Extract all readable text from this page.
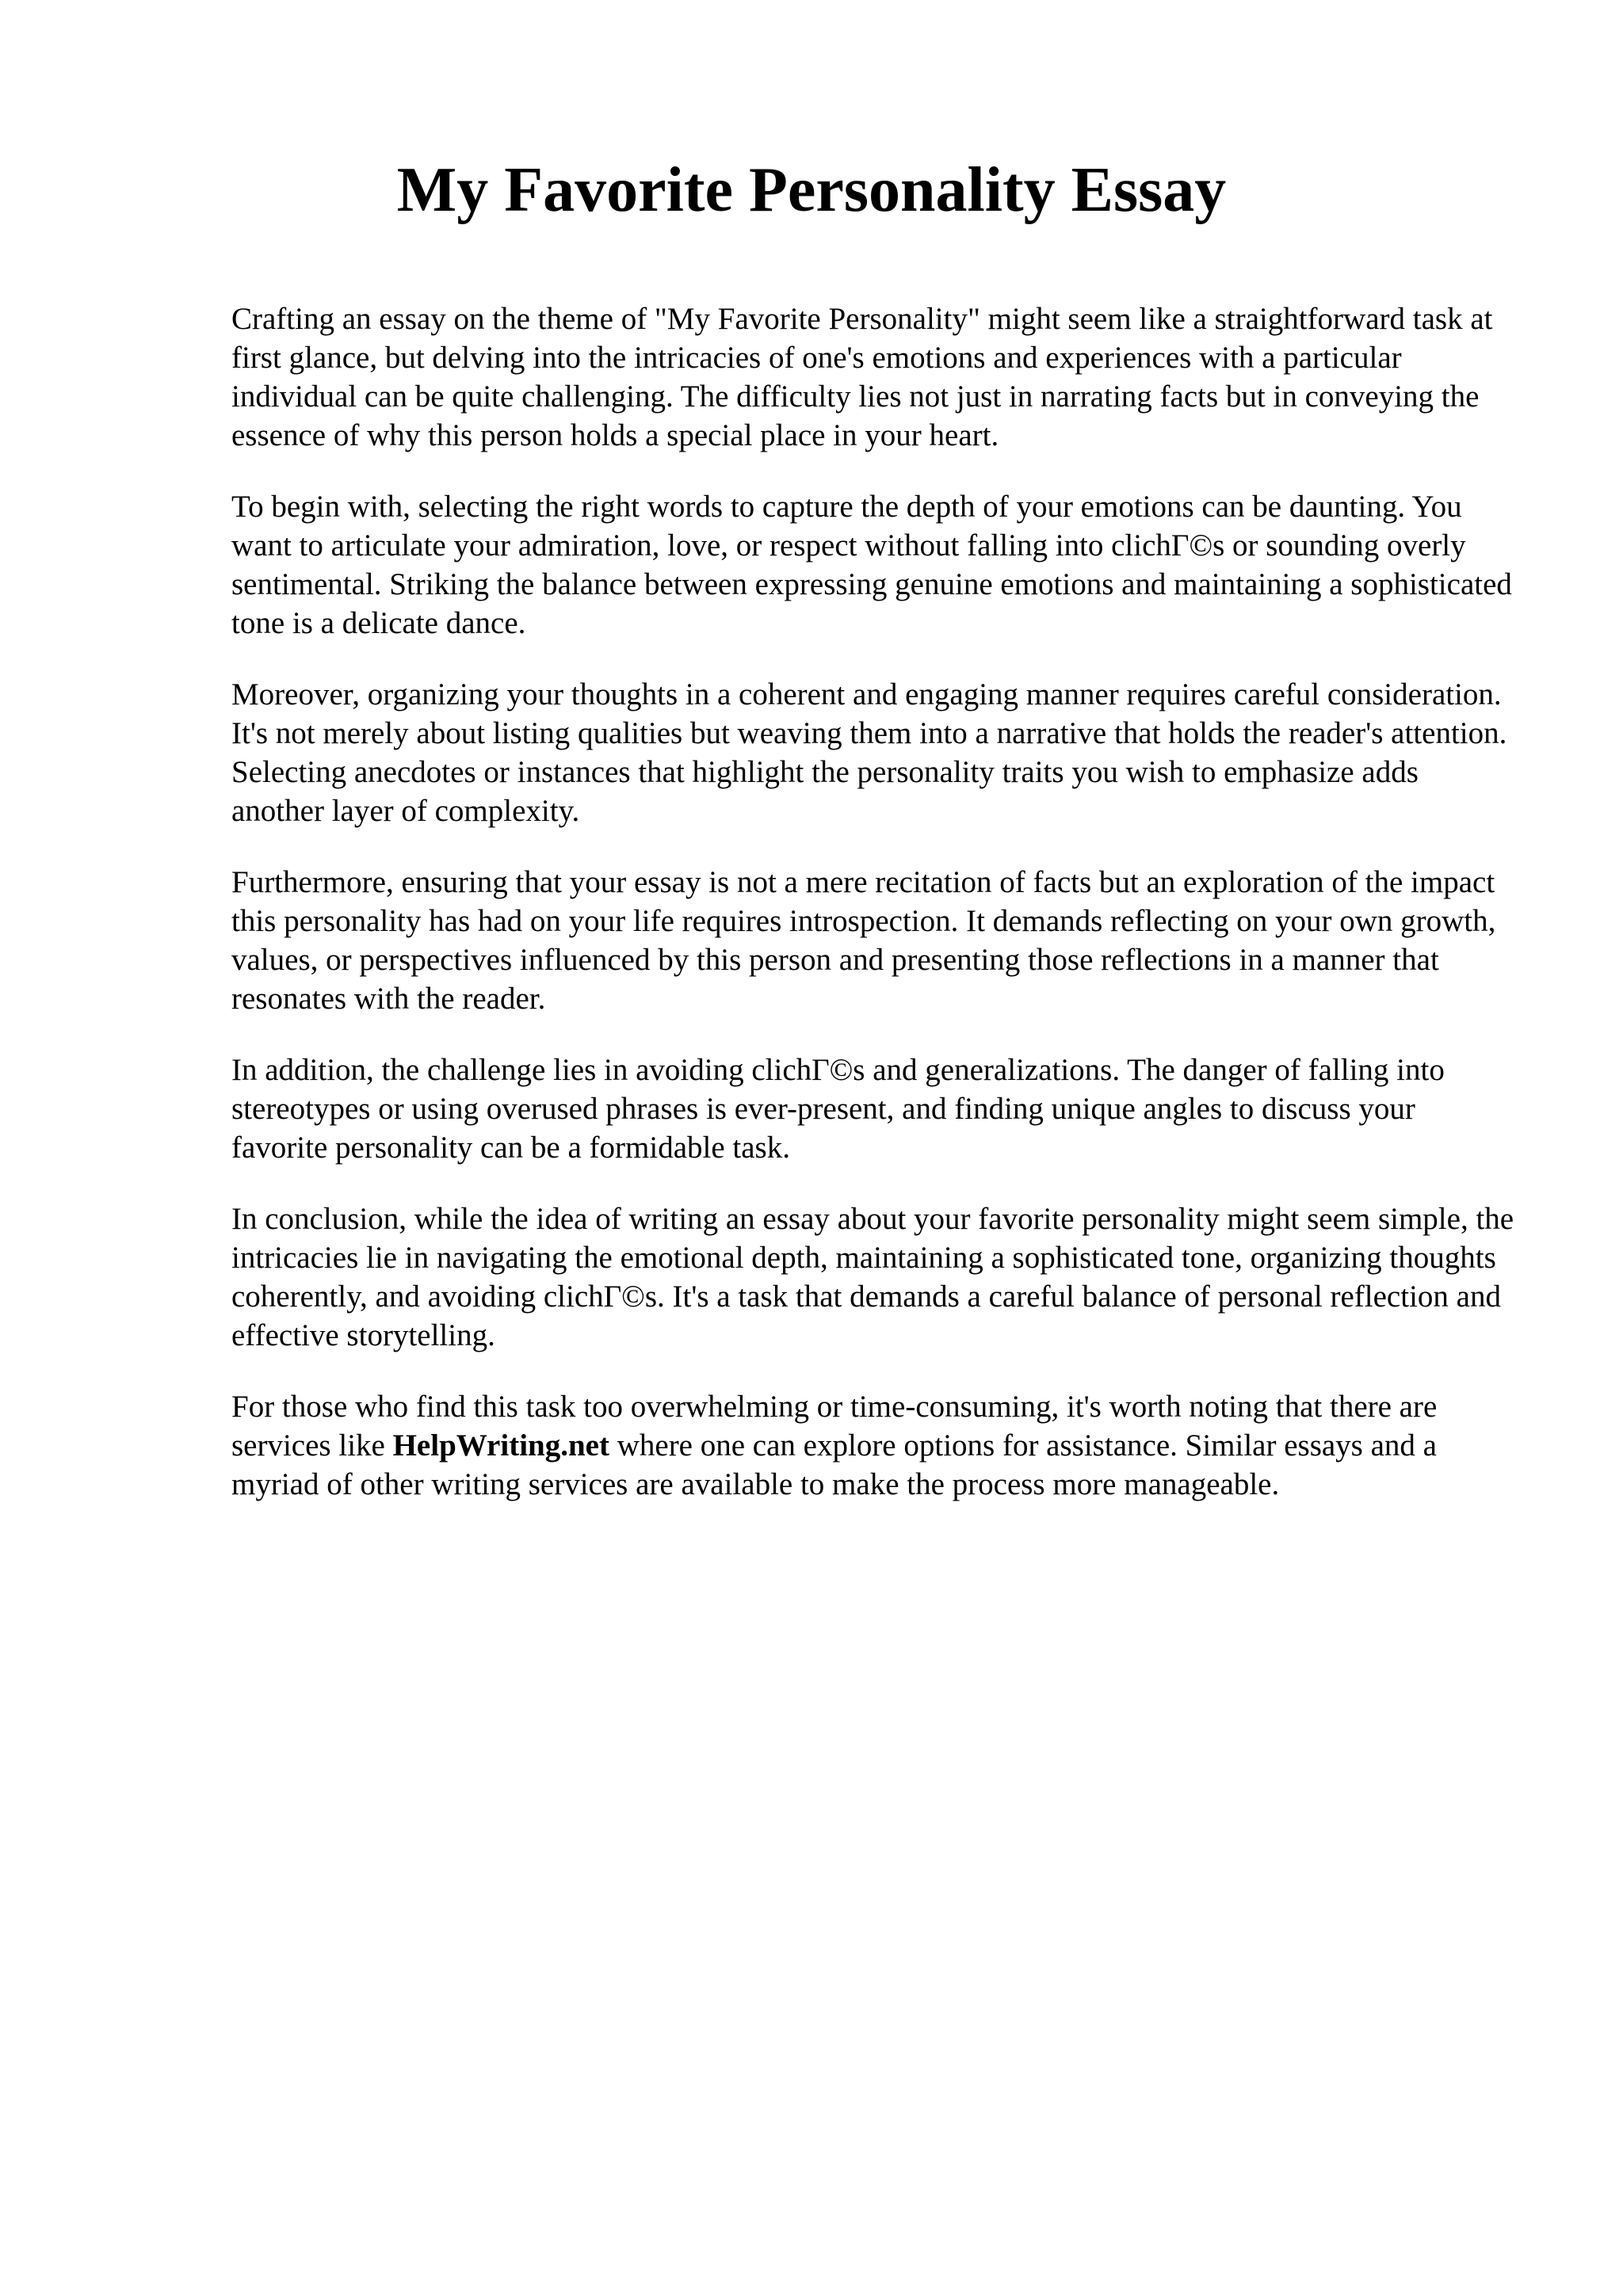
My Favorite Personality Essay

Crafting an essay on the theme of "My Favorite Personality" might seem like a straightforward task at first glance, but delving into the intricacies of one's emotions and experiences with a particular individual can be quite challenging. The difficulty lies not just in narrating facts but in conveying the essence of why this person holds a special place in your heart.

To begin with, selecting the right words to capture the depth of your emotions can be daunting. You want to articulate your admiration, love, or respect without falling into clichΓ©s or sounding overly sentimental. Striking the balance between expressing genuine emotions and maintaining a sophisticated tone is a delicate dance.

Moreover, organizing your thoughts in a coherent and engaging manner requires careful consideration. It's not merely about listing qualities but weaving them into a narrative that holds the reader's attention. Selecting anecdotes or instances that highlight the personality traits you wish to emphasize adds another layer of complexity.

Furthermore, ensuring that your essay is not a mere recitation of facts but an exploration of the impact this personality has had on your life requires introspection. It demands reflecting on your own growth, values, or perspectives influenced by this person and presenting those reflections in a manner that resonates with the reader.

In addition, the challenge lies in avoiding clichΓ©s and generalizations. The danger of falling into stereotypes or using overused phrases is ever-present, and finding unique angles to discuss your favorite personality can be a formidable task.

In conclusion, while the idea of writing an essay about your favorite personality might seem simple, the intricacies lie in navigating the emotional depth, maintaining a sophisticated tone, organizing thoughts coherently, and avoiding clichΓ©s. It's a task that demands a careful balance of personal reflection and effective storytelling.

For those who find this task too overwhelming or time-consuming, it's worth noting that there are services like HelpWriting.net where one can explore options for assistance. Similar essays and a myriad of other writing services are available to make the process more manageable.
